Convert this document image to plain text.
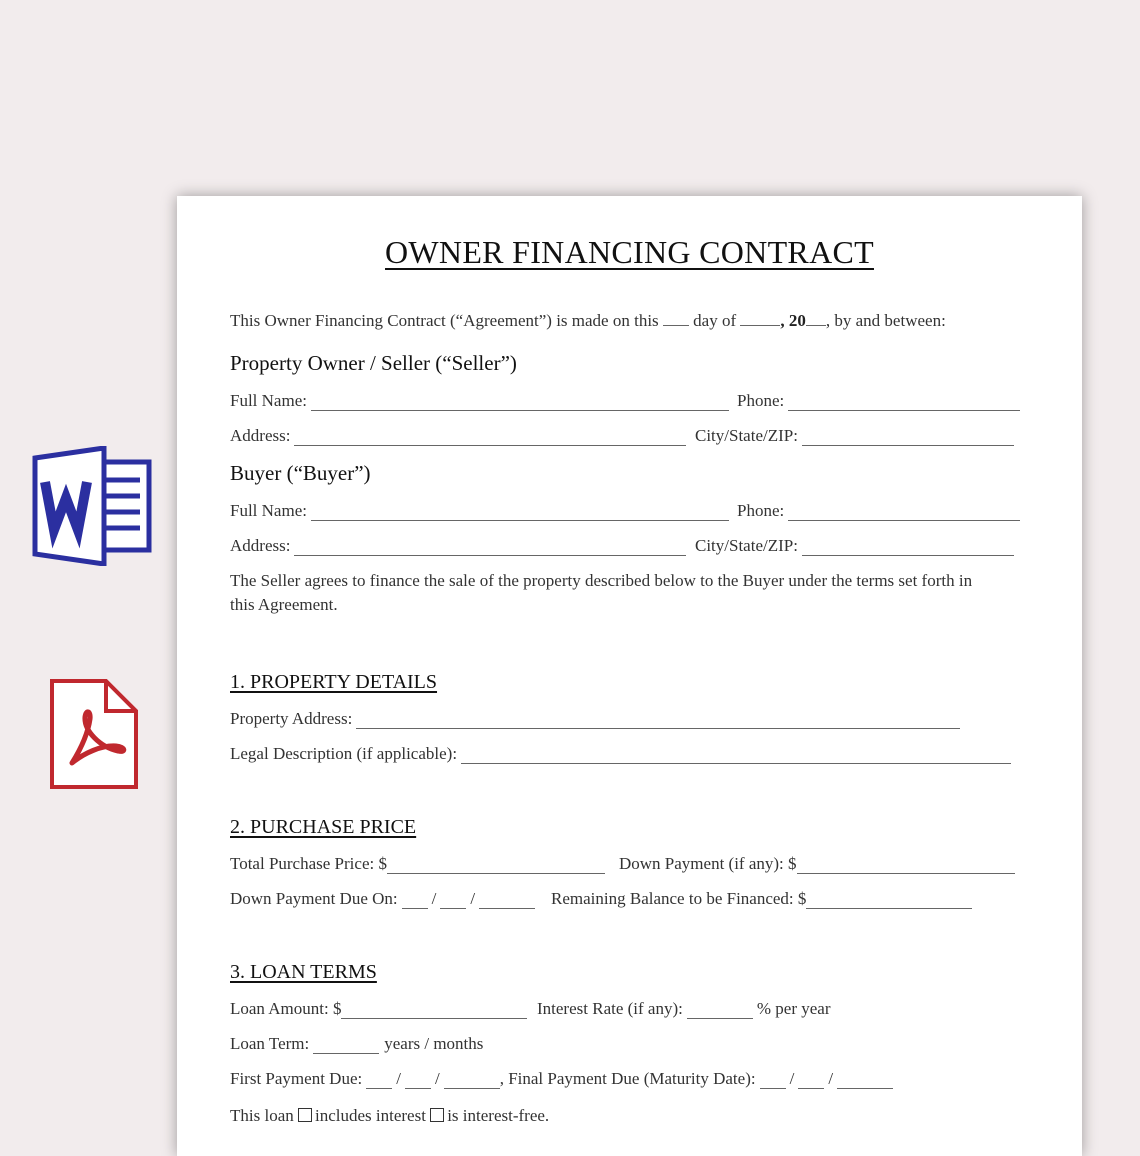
OWNER FINANCING CONTRACT
This Owner Financing Contract (“Agreement”) is made on this day of	, 20 , by and between:
Property Owner / Seller (“Seller”)
Full Name:	Phone:
Address:	City/State/ZIP:
Buyer (“Buyer”)
Full Name:	Phone:
Address:	City/State/ZIP:
The Seller agrees to finance the sale of the property described below to the Buyer under the terms set forth in
this Agreement.
1. PROPERTY DETAILS
Property Address:
Legal Description (if applicable):
2. PURCHASE PRICE
Total Purchase Price: $	Down Payment (if any): $
Down Payment Due On: / /	Remaining Balance to be Financed: $
3. LOAN TERMS
Loan Amount: $	Interest Rate (if any):	% per year
Loan Term:	years / months
First Payment Due: / /	, Final Payment Due (Maturity Date): / /
This loan includes interest is interest-free.
